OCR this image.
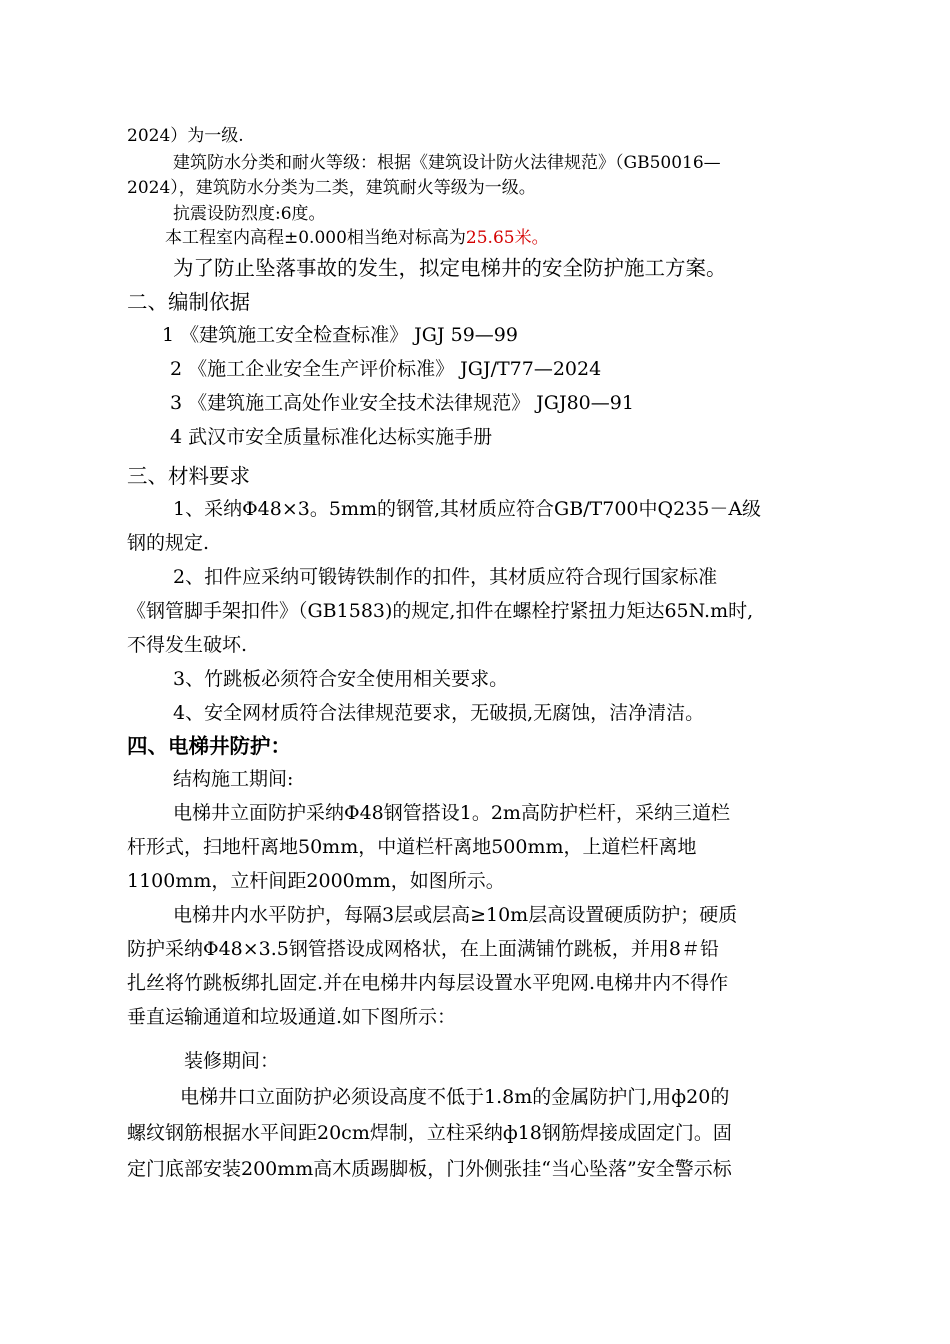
2024）为一级.
建筑防水分类和耐火等级：根据《建筑设计防火法律规范》（GB50016—
2024），建筑防水分类为二类，建筑耐火等级为一级。
抗震设防烈度:6度。
本工程室内高程±0.000相当绝对标高为25.65米。
为了防止坠落事故的发生，拟定电梯井的安全防护施工方案。
二、编制依据
1 《建筑施工安全检查标准》 JGJ 59—99
2 《施工企业安全生产评价标准》 JGJ/T77—2024
3 《建筑施工高处作业安全技术法律规范》 JGJ80—91
4 武汉市安全质量标准化达标实施手册
三、材料要求
1、采纳Φ48×3。5mm的钢管,其材质应符合GB/T700中Q235－A级
钢的规定.
2、扣件应采纳可锻铸铁制作的扣件，其材质应符合现行国家标准
《钢管脚手架扣件》（GB1583)的规定,扣件在螺栓拧紧扭力矩达65N.m时,
不得发生破坏.
3、竹跳板必须符合安全使用相关要求。
4、安全网材质符合法律规范要求，无破损,无腐蚀，洁净清洁。
四、电梯井防护：
结构施工期间:
电梯井立面防护采纳Φ48钢管搭设1。2m高防护栏杆，采纳三道栏
杆形式，扫地杆离地50mm，中道栏杆离地500mm，上道栏杆离地
1100mm，立杆间距2000mm，如图所示。
电梯井内水平防护，每隔3层或层高≥10m层高设置硬质防护；硬质
防护采纳Φ48×3.5钢管搭设成网格状，在上面满铺竹跳板，并用8＃铅
扎丝将竹跳板绑扎固定.并在电梯井内每层设置水平兜网.电梯井内不得作
垂直运输通道和垃圾通道.如下图所示：
装修期间：
电梯井口立面防护必须设高度不低于1.8m的金属防护门,用ф20的
螺纹钢筋根据水平间距20cm焊制，立柱采纳ф18钢筋焊接成固定门。固
定门底部安装200mm高木质踢脚板，门外侧张挂“当心坠落”安全警示标
